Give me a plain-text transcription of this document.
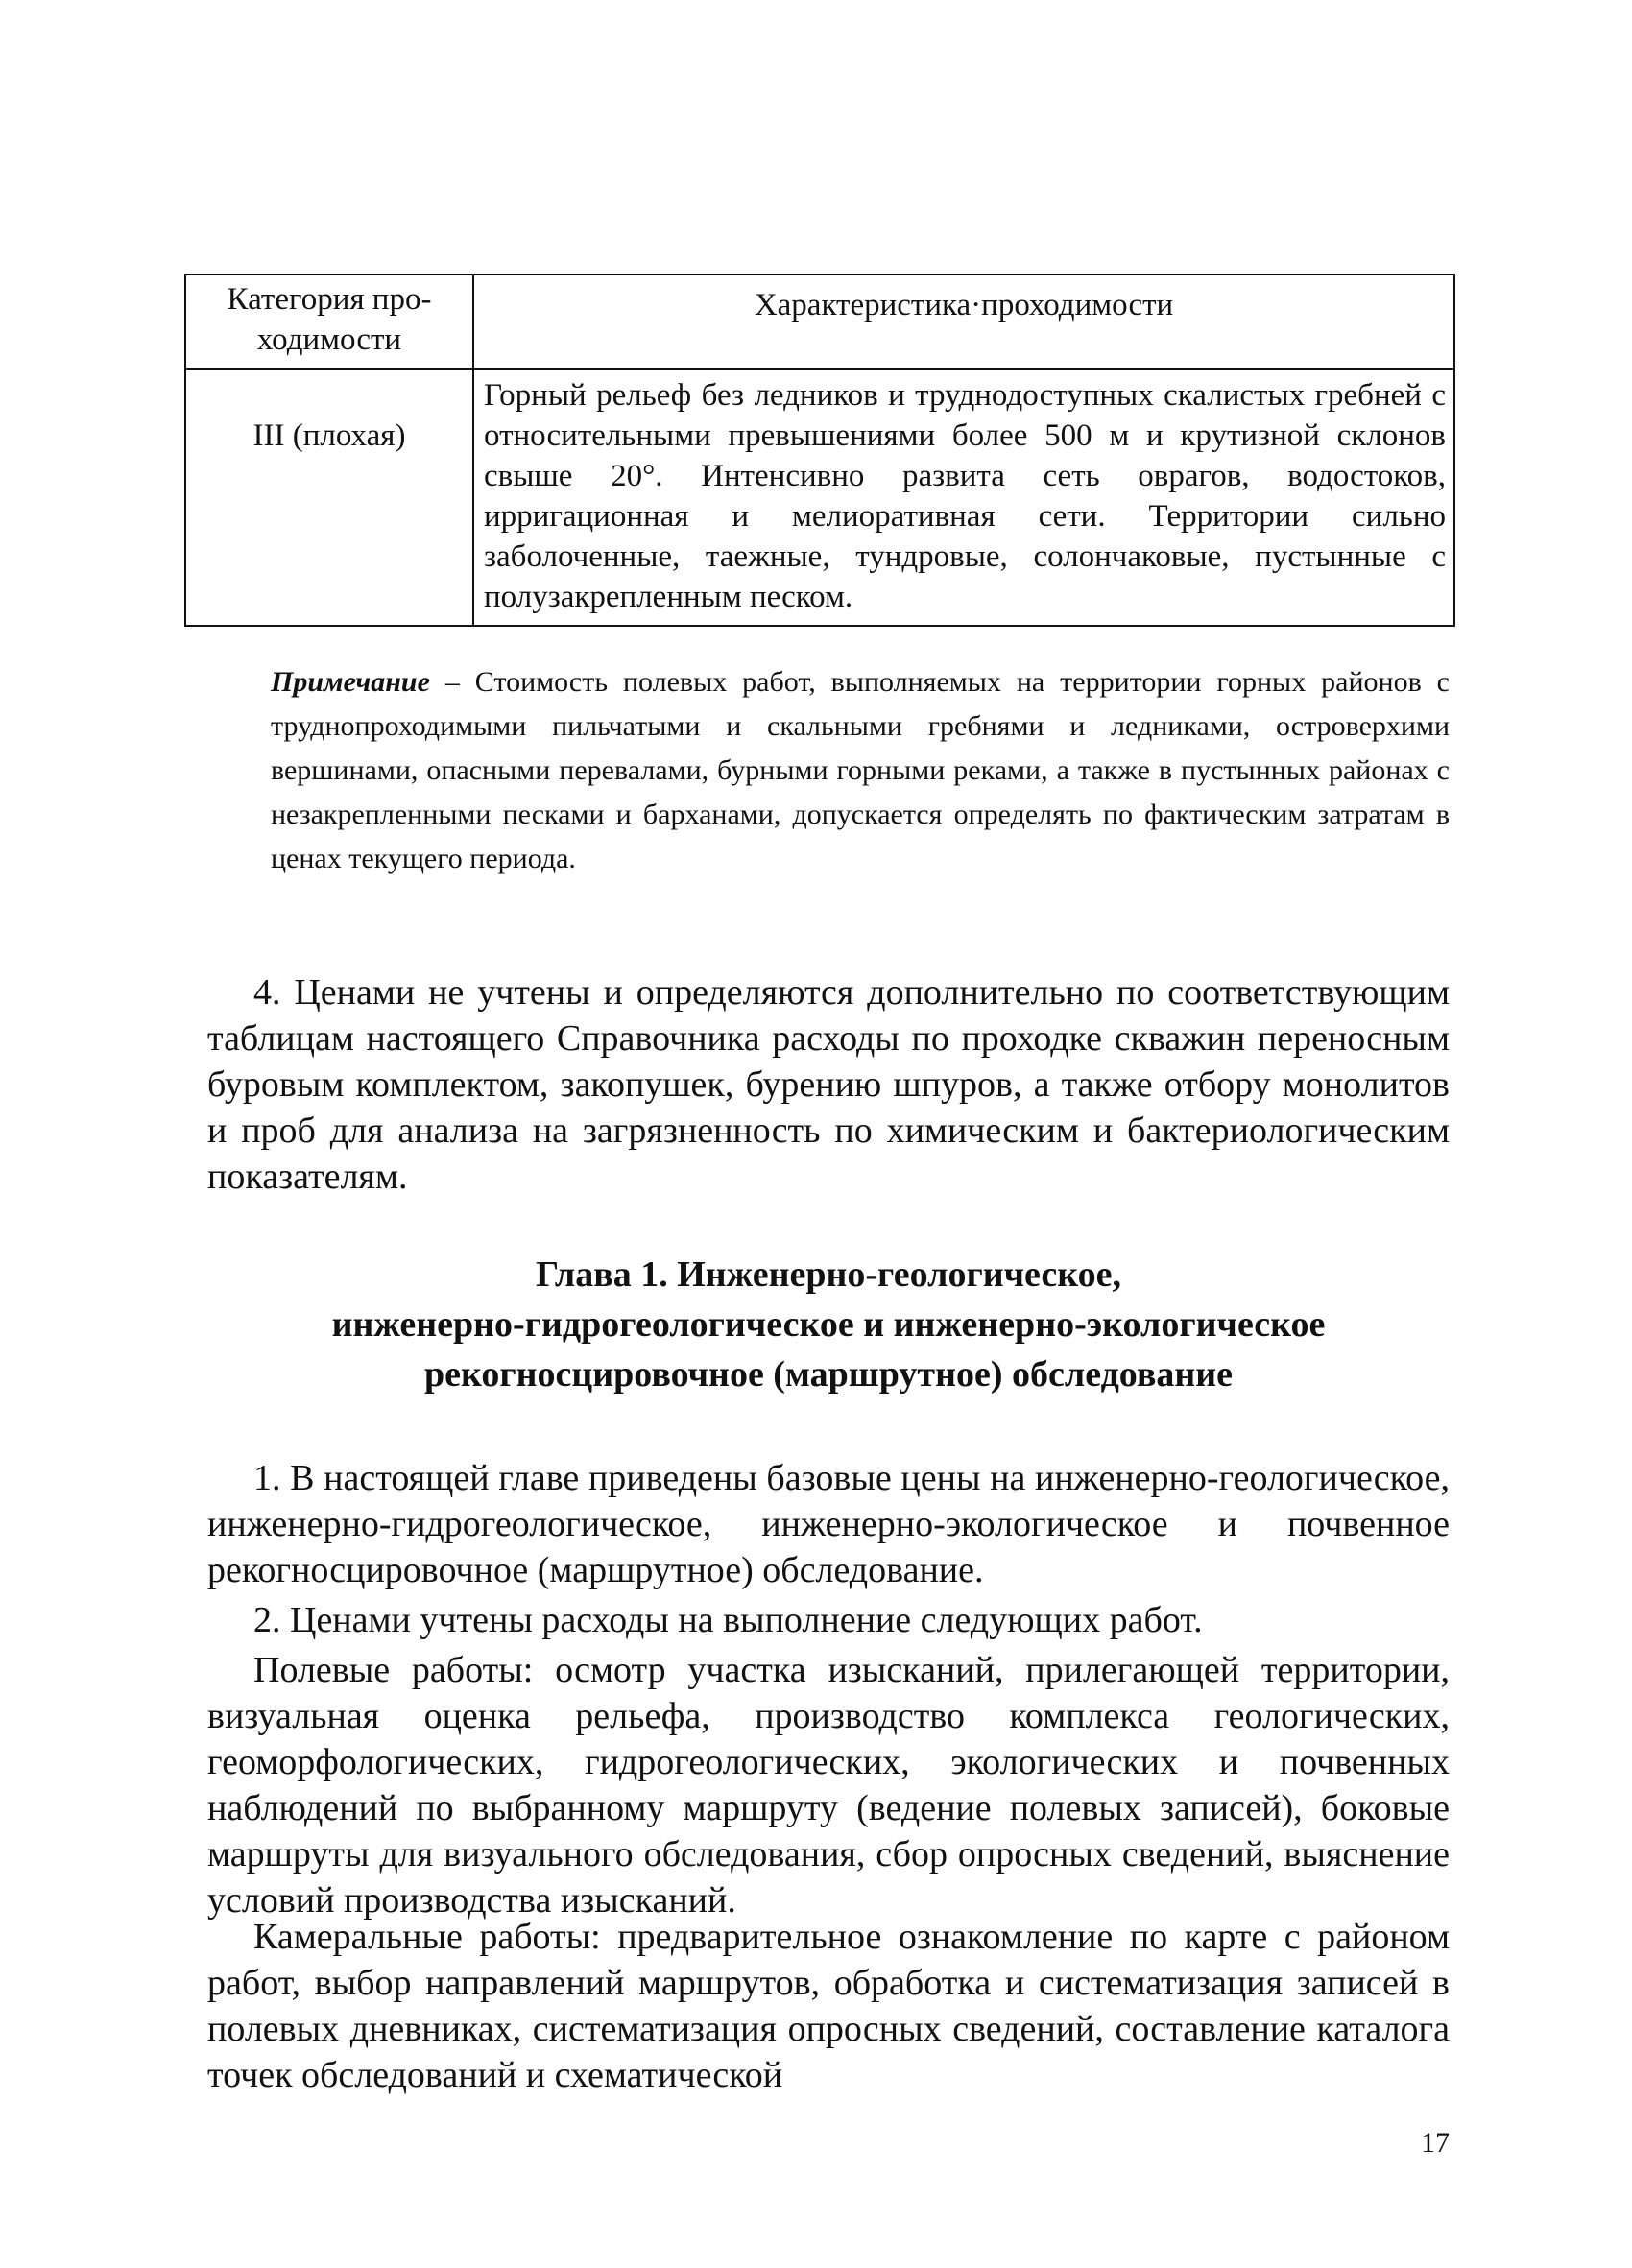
Категория про-ходимости	Характеристика·проходимости
III (плохая)	Горный рельеф без ледников и труднодоступных скалистых гребней с относительными превышениями более 500 м и крутизной склонов свыше 20°. Интенсивно развита сеть оврагов, водостоков, ирригационная и мелиоративная сети. Территории сильно заболоченные, таежные, тундровые, солончаковые, пустынные с полузакрепленным песком.

Примечание – Стоимость полевых работ, выполняемых на территории горных районов с труднопроходимыми пильчатыми и скальными гребнями и ледниками, островерхими вершинами, опасными перевалами, бурными горными реками, а также в пустынных районах с незакрепленными песками и барханами, допускается определять по фактическим затратам в ценах текущего периода.

4. Ценами не учтены и определяются дополнительно по соответствующим таблицам настоящего Справочника расходы по проходке скважин переносным буровым комплектом, закопушек, бурению шпуров, а также отбору монолитов и проб для анализа на загрязненность по химическим и бактериологическим показателям.

Глава 1. Инженерно-геологическое,
инженерно-гидрогеологическое и инженерно-экологическое
рекогносцировочное (маршрутное) обследование

1. В настоящей главе приведены базовые цены на инженерно-геологическое, инженерно-гидрогеологическое, инженерно-экологическое и почвенное рекогносцировочное (маршрутное) обследование.

2. Ценами учтены расходы на выполнение следующих работ.

Полевые работы: осмотр участка изысканий, прилегающей территории, визуальная оценка рельефа, производство комплекса геологических, геоморфологических, гидрогеологических, экологических и почвенных наблюдений по выбранному маршруту (ведение полевых записей), боковые маршруты для визуального обследования, сбор опросных сведений, выяснение условий производства изысканий.

Камеральные работы: предварительное ознакомление по карте с районом работ, выбор направлений маршрутов, обработка и систематизация записей в полевых дневниках, систематизация опросных сведений, составление каталога точек обследований и схематической

17
